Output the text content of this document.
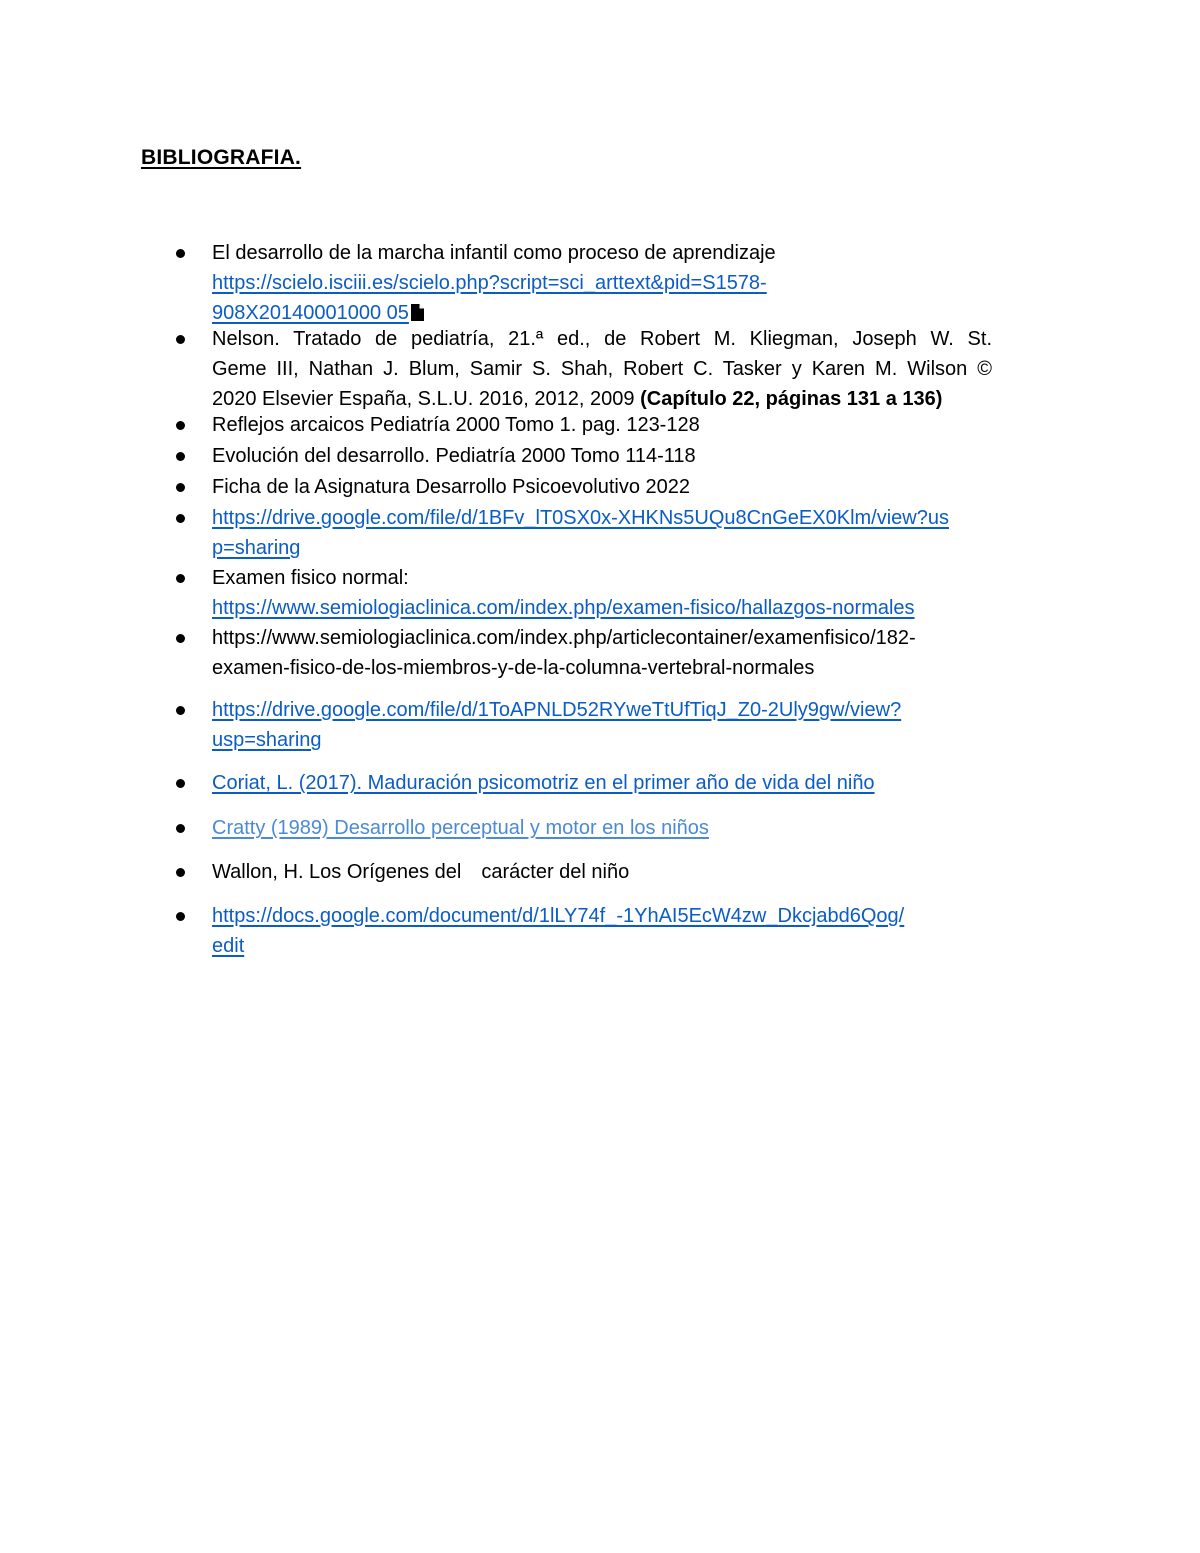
BIBLIOGRAFIA.

El desarrollo de la marcha infantil como proceso de aprendizaje

https://scielo.isciii.es/scielo.php?script=sci_arttext&pid=S1578-

908X20140001000 05

Nelson. Tratado de pediatría, 21.ª ed., de Robert M. Kliegman, Joseph W. St.

Geme III, Nathan J. Blum, Samir S. Shah, Robert C. Tasker y Karen M. Wilson ©

2020 Elsevier España, S.L.U. 2016, 2012, 2009 (Capítulo 22, páginas 131 a 136)

Reflejos arcaicos Pediatría 2000 Tomo 1. pag. 123-128

Evolución del desarrollo. Pediatría 2000 Tomo 114-118

Ficha de la Asignatura Desarrollo Psicoevolutivo 2022

https://drive.google.com/file/d/1BFv_lT0SX0x-XHKNs5UQu8CnGeEX0Klm/view?us

p=sharing

Examen fisico normal:

https://www.semiologiaclinica.com/index.php/examen-fisico/hallazgos-normales

https://www.semiologiaclinica.com/index.php/articlecontainer/examenfisico/182-

examen-fisico-de-los-miembros-y-de-la-columna-vertebral-normales

https://drive.google.com/file/d/1ToAPNLD52RYweTtUfTiqJ_Z0-2Uly9gw/view?

usp=sharing

Coriat, L. (2017). Maduración psicomotriz en el primer año de vida del niño

Cratty (1989) Desarrollo perceptual y motor en los niños

Wallon, H. Los Orígenes del carácter del niño

https://docs.google.com/document/d/1lLY74f_-1YhAI5EcW4zw_Dkcjabd6Qog/

edit
